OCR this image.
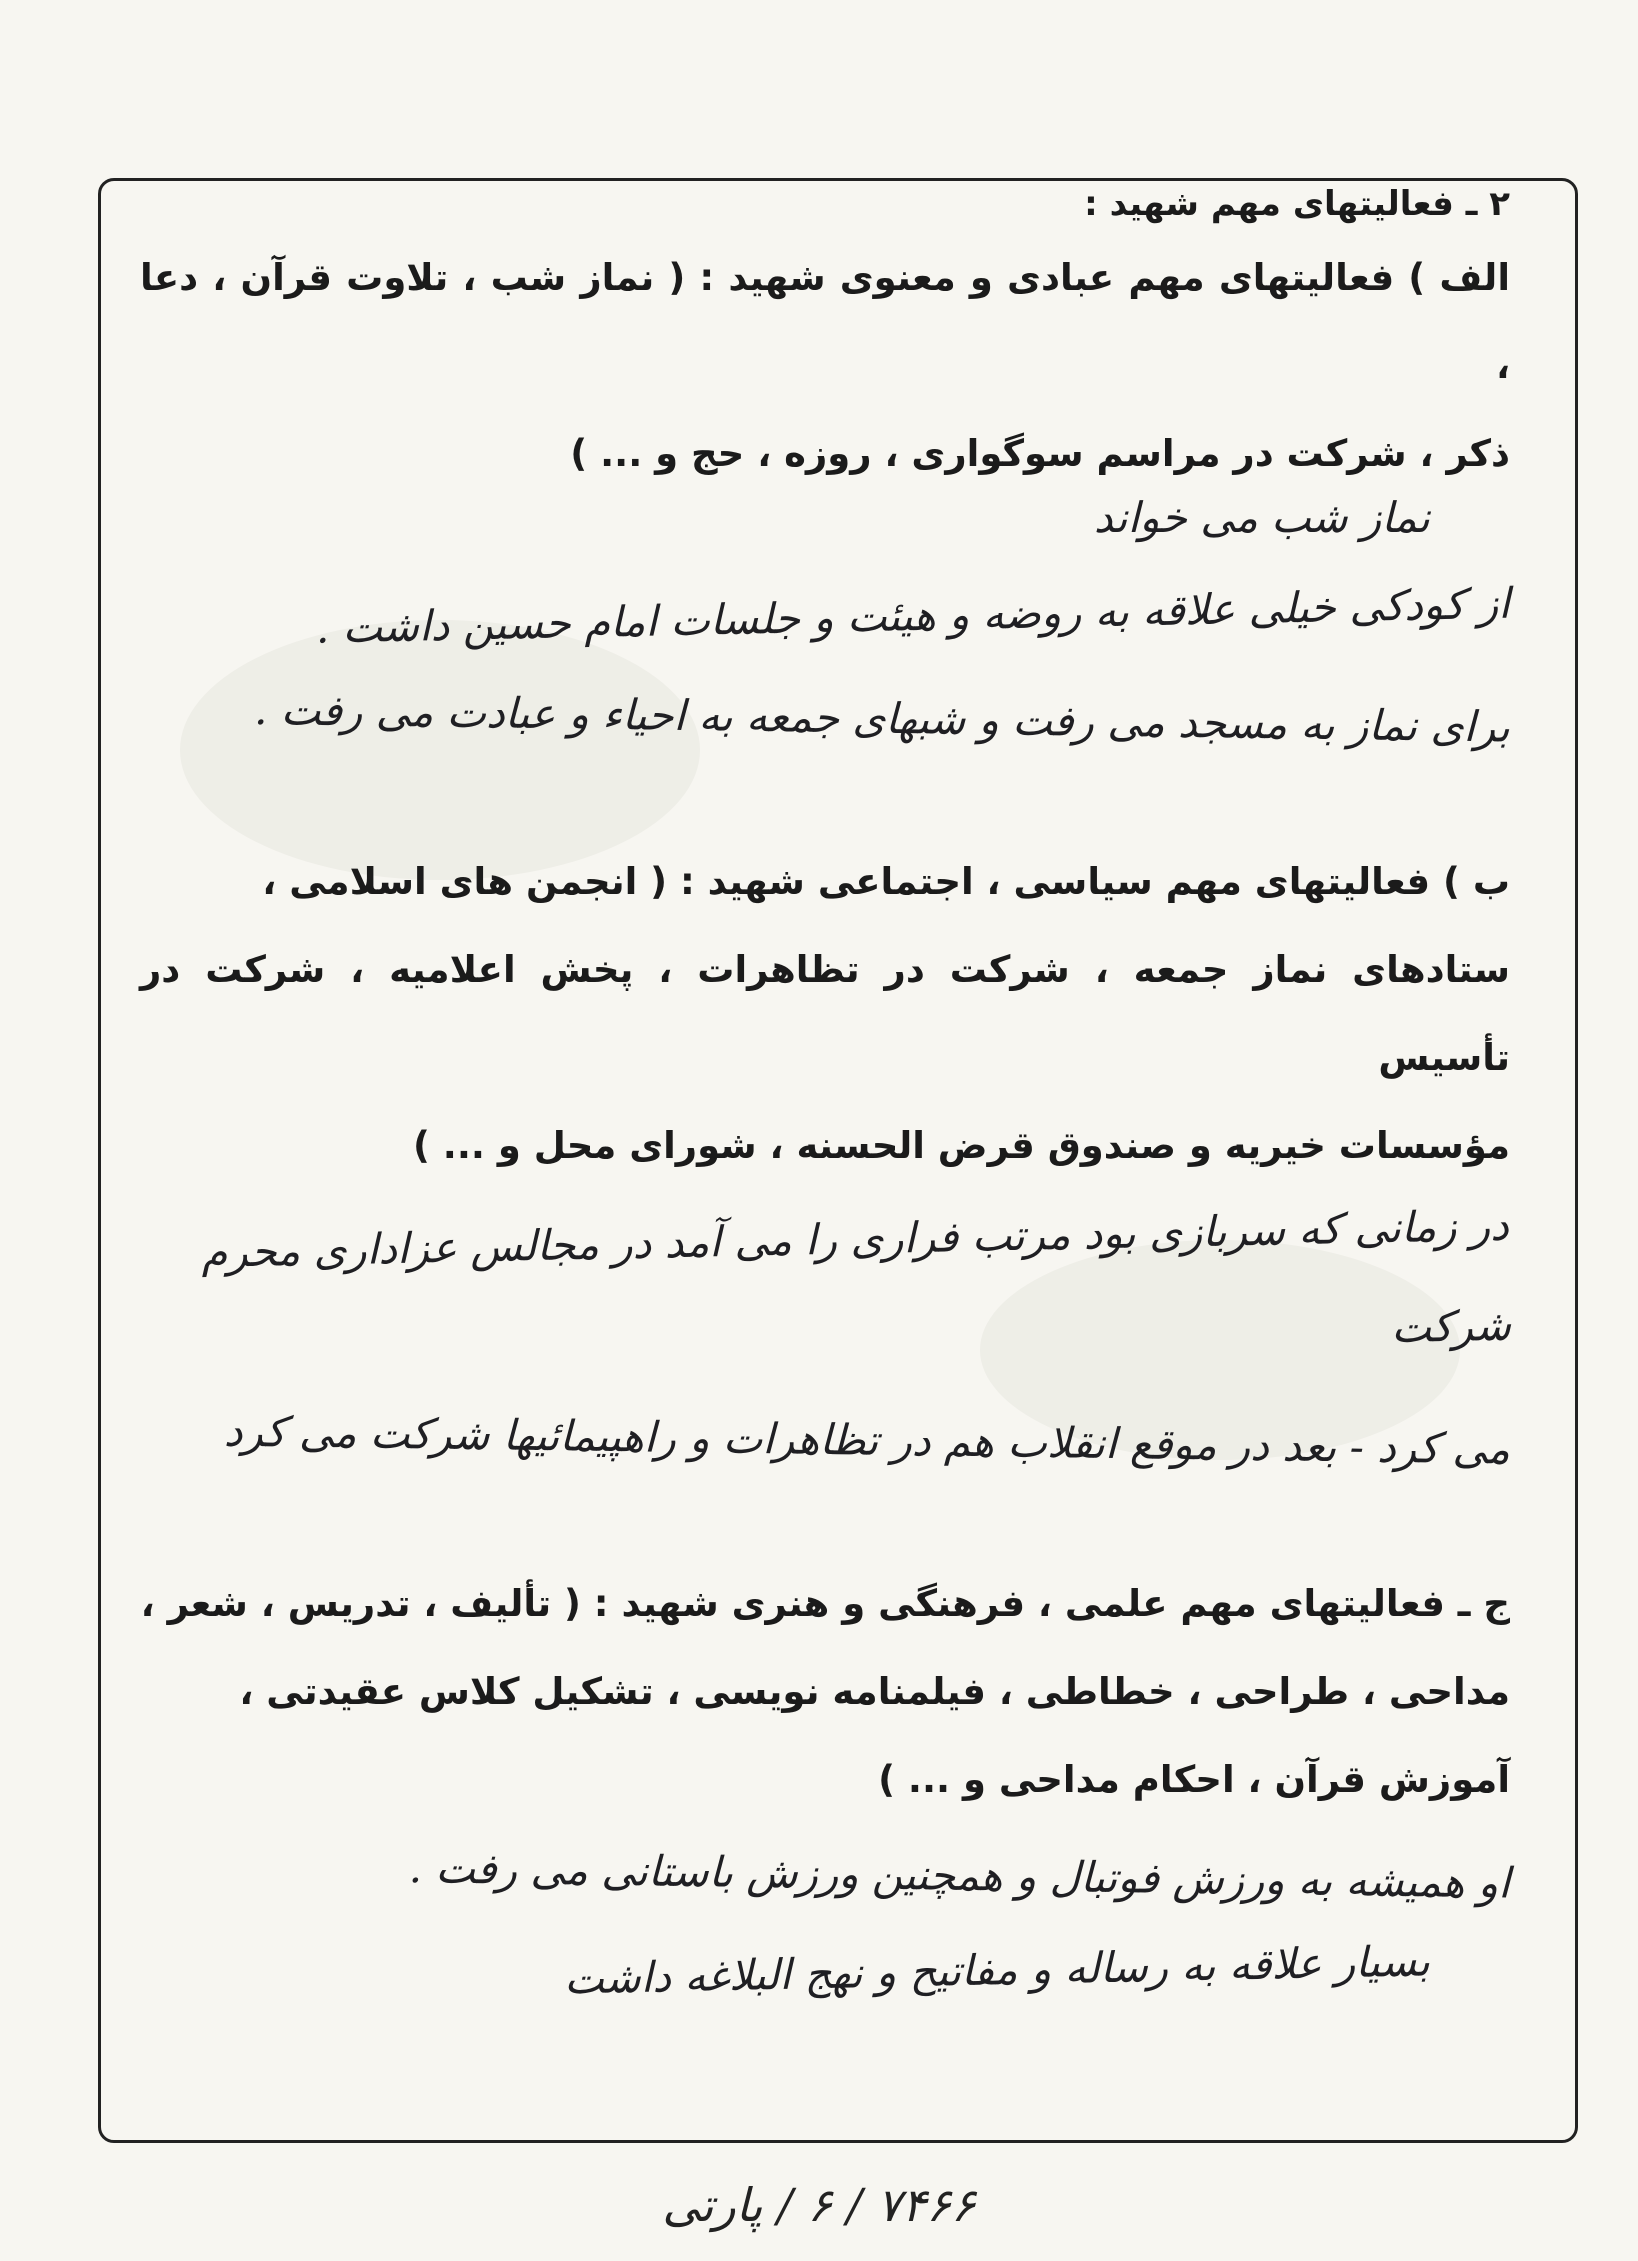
۲ ـ فعالیتهای مهم شهید :

الف ) فعالیتهای مهم عبادی و معنوی شهید : ( نماز شب ، تلاوت قرآن ، دعا ،

ذکر ، شرکت در مراسم سوگواری ، روزه ، حج و ... )

نماز شب می خواند

از کودکی خیلی علاقه به روضه و هیئت و جلسات امام حسین داشت .

برای نماز به مسجد می رفت و شبهای جمعه به احیاء و عبادت می رفت .

ب ) فعالیتهای مهم سیاسی ، اجتماعی شهید : ( انجمن های اسلامی ،

ستادهای نماز جمعه ، شرکت در تظاهرات ، پخش اعلامیه ، شرکت در تأسیس

مؤسسات خیریه و صندوق قرض الحسنه ، شورای محل و ... )

در زمانی که سربازی بود مرتب فراری را می آمد در مجالس عزاداری محرم شرکت

می کرد - بعد در موقع انقلاب هم در تظاهرات و راهپیمائیها شرکت می کرد

ج ـ فعالیتهای مهم علمی ، فرهنگی و هنری شهید : ( تألیف ، تدریس ، شعر ،

مداحی ، طراحی ، خطاطی ، فیلمنامه نویسی ، تشکیل کلاس عقیدتی ،

آموزش قرآن ، احکام مداحی و ... )

او همیشه به ورزش فوتبال و همچنین ورزش باستانی می رفت .

بسیار علاقه به رساله و مفاتیح و نهج البلاغه داشت

۷۴۶۶ / ۶ / پارتی
